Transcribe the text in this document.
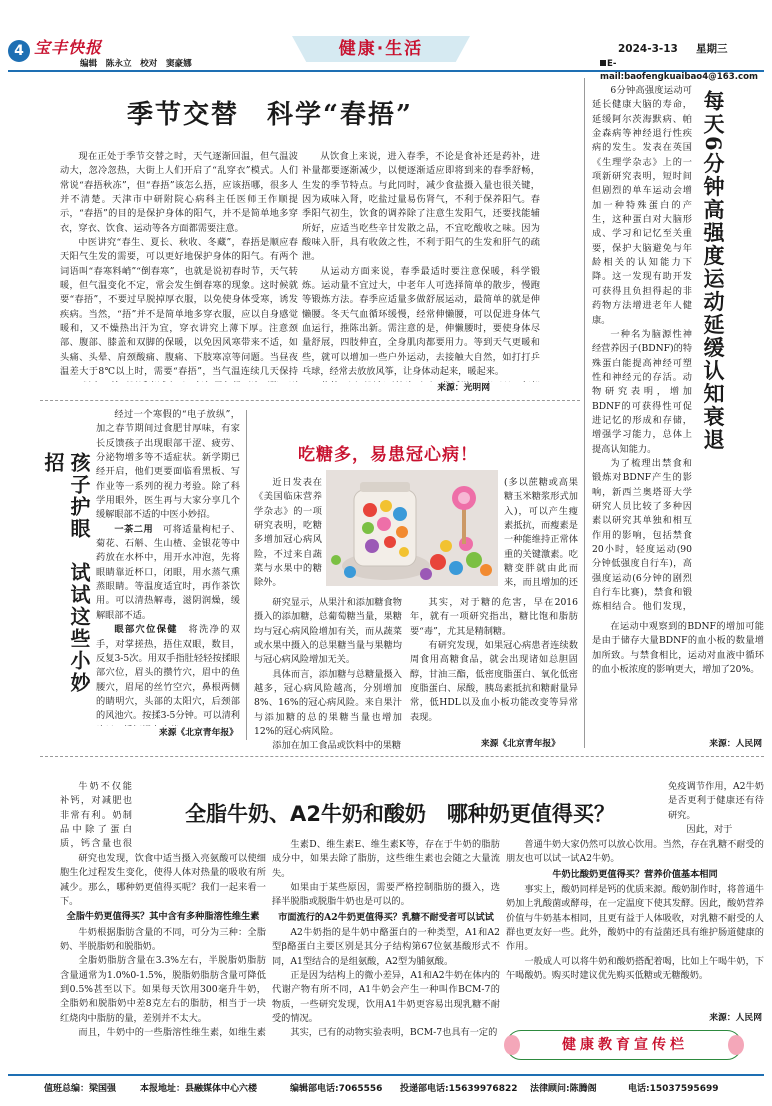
4 宝丰快报
编辑　陈永立　校对　窦豪娜
健康·生活	2024-3-13 星期三
E-mail:baofengkuaibao4@163.com
季节交替　科学“春捂”

现在正处于季节交替之时，天气逐渐回温，但气温波动大，忽冷忽热，大街上人们开启了“乱穿衣”模式。人们常说“春捂秋冻”，但“春捂”该怎么捂，应该捂哪，很多人并不清楚。天津市中研附院心病科主任医师王作顺提示，“春捂”的目的是保护身体的阳气，并不是简单地多穿衣，穿衣、饮食、运动等各方面都需要注意。

中医讲究“春生、夏长、秋收、冬藏”，春捂是顺应春天阳气生发的需要，可以更好地保护身体的阳气。有两个词语叫“春寒料峭”“倒春寒”，也就是说初春时节，天气转暖，但气温变化不定，常会发生倒春寒的现象。这时候就要“春捂”，不要过早脱掉厚衣服，以免使身体受寒，诱发疾病。当然，“捂”并不是简单地多穿衣服，应以自身感觉暖和，又不燥热出汗为宜，穿衣讲究上薄下厚。注意颈部、腹部、膝盖和双脚的保暖，以免因风寒带来不适，如头痛、头晕、肩颈酸痛、腹痛、下肢寒凉等问题。当昼夜温差大于8℃以上时，需要“春捂”，当气温连续几天保持

从饮食上来说，进入春季，不论是食补还是药补，进补量都要逐渐减少，以便逐渐适应即将到来的春季舒畅，生发的季节特点。与此同时，减少食盐摄入量也很关键，因为咸味入肾，吃盐过量易伤肾气，不利于保养阳气。春季阳气初生，饮食的调养除了注意生发阳气，还要找能辅所好，应适当吃些辛甘发散之品，不宜吃酸收之味。因为酸味入肝，具有收敛之性，不利于阳气的生发和肝气的疏泄。

从运动方面来说，春季最适时要注意保暖，科学锻炼。运动量不宜过大，中老年人可选择简单的散步，慢跑等锻炼方法。春季应适量多做舒展运动，最简单的就是伸懒腰。冬天气血循环缓慢，经常伸懒腰，可以促进身体气血运行，推陈出新。需注意的是，伸懒腰时，要使身体尽量舒展，四肢伸直，全身肌肉都要用力。等到天气更暖和些，就可以增加一些户外运动，去接触大自然，如打打乒乓球，经常去放放风筝，让身体动起来，暖起来。

来源：光明网

6分钟高强度运动可延长健康大脑的寿命，延缓阿尔茨海默病、帕金森病等神经退行性疾病的发生。发表在英国《生理学杂志》上的一项新研究表明，短时间但剧烈的单车运动会增加一种特殊蛋白的产生，这种蛋白对大脑形成、学习和记忆至关重要，保护大脑避免与年龄相关的认知能力下降。这一发现有助开发可获得且负担得起的非药物方法增进老年人健康。

一种名为脑源性神经营养因子(BDNF)的特殊蛋白能提高神经可塑性和神经元的存活。动物研究表明，增加BDNF的可获得性可促进记忆的形成和存储，增强学习能力，总体上提高认知能力。

为了梳理出禁食和锻炼对BDNF产生的影响，新西兰奥塔哥大学研究人员比较了多种因素以研究其单独和相互作用的影响，包括禁食20小时，轻度运动(90分钟低强度自行车)，高强度运动(6分钟的剧烈自行车比赛)，禁食和锻炼相结合。他们发现，

每天6分钟高强度运动延缓认知衰退

在运动中观察到的BDNF的增加可能是由于储存大量BDNF的血小板的数量增加所致。与禁食相比，运动对血液中循环的血小板浓度的影响更大，增加了20%。

来源：人民网
孩子护眼　试试这些小妙招

经过一个寒假的“电子放纵”，加之春节期间过食肥甘厚味，有家长反馈孩子出现眼部干涩、疲劳、分泌物增多等不适症状。新学期已经开启，他们更要面临看黑板、写作业等一系列的视力考验。除了科学用眼外，医生再与大家分享几个缓解眼部不适的中医小妙招。

一茶二用　 可将适量枸杞子、菊花、石斛、生山楂、金银花等中药放在水杯中，用开水冲泡，先将眼睛靠近杯口，闭眼，用水蒸气熏蒸眼睛。等温度适宜时，再作茶饮用。可以清热解毒，滋阴润燥，缓解眼部不适。

眼部穴位保健　 将洗净的双手，对掌搓热，捂住双眼，数目，反复3-5次。用双手指肚轻轻按揉眼部穴位，眉头的攒竹穴，眉中的鱼腰穴，眉尾的丝竹空穴，鼻根两侧的睛明穴，头部的太阳穴，后颈部的风池穴。按揉3-5分钟。可以清利

来源《北京青年报》
吃糖多，易患冠心病！

近日发表在《美国临床营养学杂志》的一项研究表明，吃糖多增加冠心病风险，不过来自蔬菜与水果中的糖除外。

研究显示，从果汁和添加糖食物摄入的添加糖，总葡萄糖当量，果糖均与冠心病风险增加有关，而从蔬菜或水果中摄入的总果糖当量与果糖均与冠心病风险增加无关。

具体而言，添加糖与总糖量摄入越多，冠心病风险越高，分别增加8%、16%的冠心病风险。来自果汁与添加糖的总的果糖当量也增加12%的冠心病风险。

添加在加工食品或饮料中的果糖

(多以蔗糖或高果糖玉米糖浆形式加入)，可以产生瘦素抵抗，而瘦素是一种能维持正常体重的关键激素。吃糖变胖就由此而来，而且增加的还

其实，对于糖的危害，早在2016年，就有一项研究指出，糖比饱和脂肪要“毒”，尤其是精制糖。

有研究发现，如果冠心病患者连续数周食用高糖食品，就会出现诸如总胆固醇，甘油三酯，低密度脂蛋白、氧化低密度脂蛋白、尿酸，胰岛素抵抗和糖耐量异常，低HDL以及血小板功能改变等异常表现。

来源《北京青年报》

牛奶不仅能补钙，对减肥也非常有利。奶制品中除了蛋白质，钙含量也很

全脂牛奶、A2牛奶和酸奶　哪种奶更值得买？

免疫调节作用，A2牛奶是否更利于健康还有待研究。

因此，对于

研究也发现，饮食中适当摄入亮氨酸可以使细胞生化过程发生变化，使得人体对热量的吸收有所减少。那么，哪种奶更值得买呢？我们一起来看一下。

全脂牛奶更值得买？其中含有多种脂溶性维生素

牛奶根据脂肪含量的不同，可分为三种：全脂奶、半脱脂奶和脱脂奶。

全脂奶脂肪含量在3.3%左右，半脱脂奶脂肪含量通常为1.0%0-1.5%，脱脂奶脂肪含量可降低到0.5%甚至以下。如果每天饮用300毫升牛奶，全脂奶和脱脂奶中差8克左右的脂肪，相当于一块红烧肉中脂肪的量，差别并不太大。

而且，牛奶中的一些脂溶性维生素，如维生素

生素D、维生素E、维生素K等，存在于牛奶的脂肪成分中，如果去除了脂肪，这些维生素也会随之大量流失。

如果由于某些原因，需要严格控制脂肪的摄入，选择半脱脂或脱脂牛奶也是可以的。

市面流行的A2牛奶更值得买？乳糖不耐受者可以试试

A2牛奶指的是牛奶中酪蛋白的一种类型，A1和A2型β酪蛋白主要区别是其分子结构第67位氨基酸形式不同，A1型结合的是组氨酸，A2型为脯氨酸。

正是因为结构上的微小差异，A1和A2牛奶在体内的代谢产物有所不同，A1牛奶会产生一种叫作BCM-7的物质，一些研究发现，饮用A1牛奶更容易出现乳糖不耐受的情况。

其实，已有的动物实验表明，BCM-7也具有一定的

普通牛奶大家仍然可以放心饮用。当然，存在乳糖不耐受的朋友也可以试一试A2牛奶。

牛奶比酸奶更值得买？营养价值基本相同

事实上，酸奶同样是钙的优质来源。酸奶制作时，将普通牛奶加上乳酸菌或酵母，在一定温度下使其发酵。因此，酸奶营养价值与牛奶基本相同，且更有益于人体吸收，对乳糖不耐受的人群也更友好一些。此外，酸奶中的有益菌还具有维护肠道健康的作用。

一般成人可以将牛奶和酸奶搭配着喝，比如上午喝牛奶，下午喝酸奶。购买时建议优先购买低糖或无糖酸奶。

来源：人民网
健康教育宣传栏
值班总编：梁国强	本报地址：县融媒体中心六楼	编辑部电话:7065556 投递部电话:15639976822 法律顾问:陈腾阁	电话:15037595699
